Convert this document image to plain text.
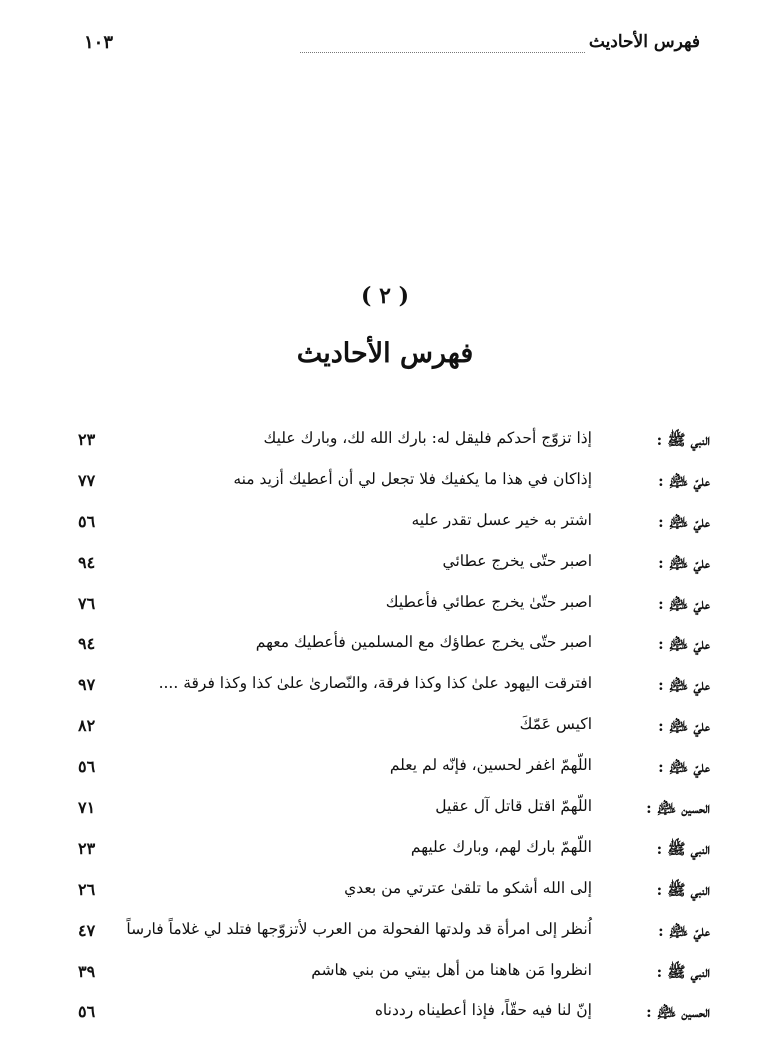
فهرس الأحاديث
١٠٣
( ٢ )
فهرس الأحاديث
النبي ﷺ :
إذا تزوّج أحدكم فليقل له: بارك الله لك، وبارك عليك
٢٣
عليّ ﵇ :
إذاكان في هذا ما يكفيك فلا تجعل لي أن أعطيك أزيد منه
٧٧
عليّ ﵇ :
اشتر به خير عسل تقدر عليه
٥٦
عليّ ﵇ :
اصبر حتّى يخرج عطائي
٩٤
عليّ ﵇ :
اصبر حتّىٰ يخرج عطائي فأعطيك
٧٦
عليّ ﵇ :
اصبر حتّى يخرج عطاؤك مع المسلمين فأعطيك معهم
٩٤
عليّ ﵇ :
افترقت اليهود علىٰ كذا وكذا فرقة، والنّصارىٰ علىٰ كذا وكذا فرقة ....
٩٧
عليّ ﵇ :
اكيس عَمّكَ
٨٢
عليّ ﵇ :
اللّهمّ اغفر لحسين، فإنّه لم يعلم
٥٦
الحسين ﵇ :
اللّهمّ اقتل قاتل آل عقيل
٧١
النبي ﷺ :
اللّهمّ بارك لهم، وبارك عليهم
٢٣
النبي ﷺ :
إلى الله أشكو ما تلقىٰ عترتي من بعدي
٢٦
عليّ ﵇ :
اُنظر إلى امرأة قد ولدتها الفحولة من العرب لأتزوّجها فتلد لي غلاماً فارساً
٤٧
النبي ﷺ :
انظروا مَن هاهنا من أهل بيتي من بني هاشم
٣٩
الحسين ﵇ :
إنّ لنا فيه حقّاً، فإذا أعطيناه رددناه
٥٦
